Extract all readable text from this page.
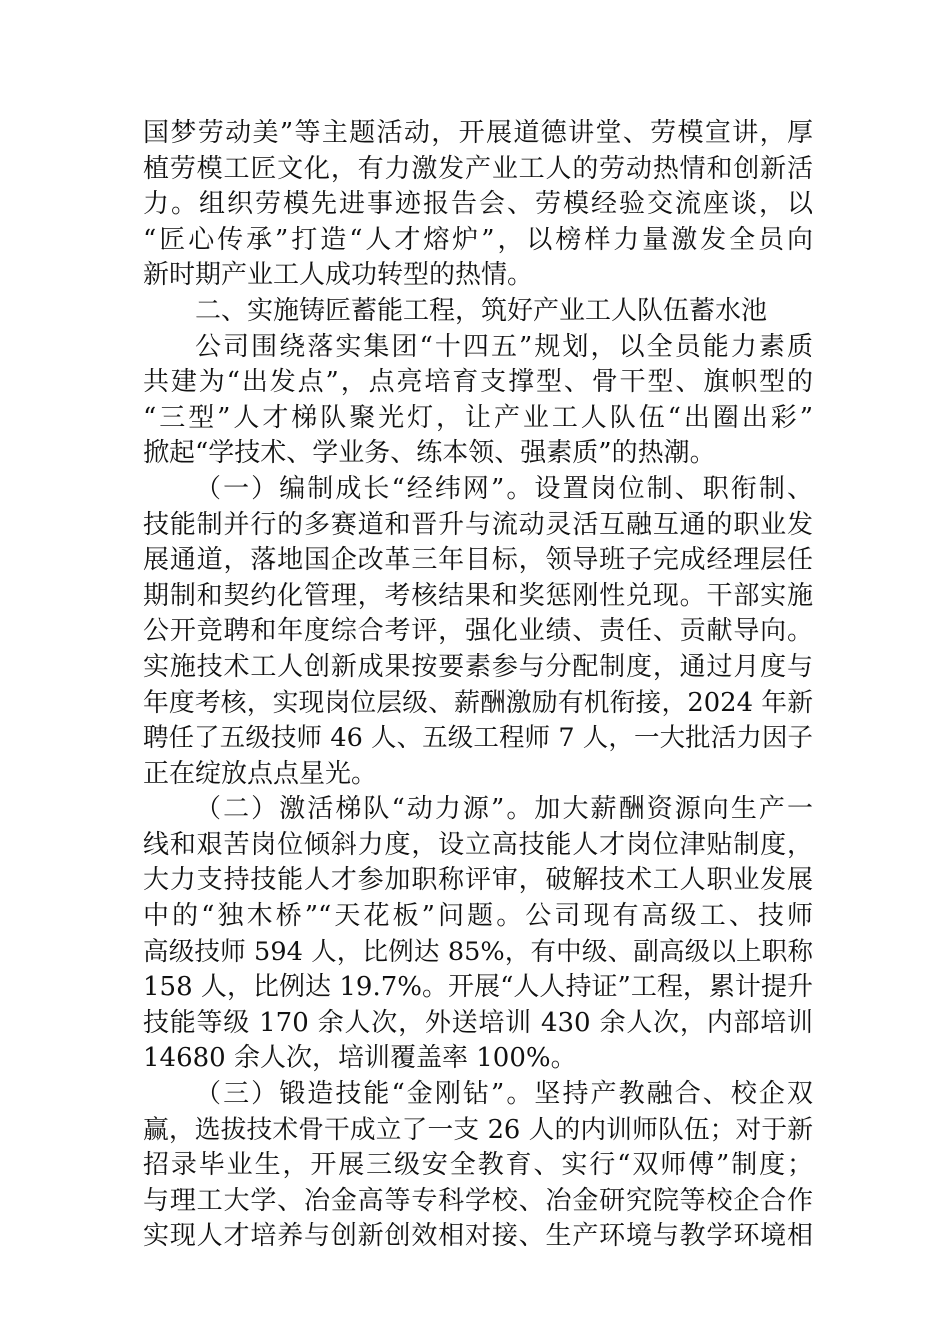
国梦劳动美”等主题活动，开展道德讲堂、劳模宣讲，厚
植劳模工匠文化，有力激发产业工人的劳动热情和创新活
力。组织劳模先进事迹报告会、劳模经验交流座谈，以
“匠心传承”打造“人才熔炉”，以榜样力量激发全员向
新时期产业工人成功转型的热情。
二、实施铸匠蓄能工程，筑好产业工人队伍蓄水池
公司围绕落实集团“十四五”规划，以全员能力素质
共建为“出发点”，点亮培育支撑型、骨干型、旗帜型的
“三型”人才梯队聚光灯，让产业工人队伍“出圈出彩”
掀起“学技术、学业务、练本领、强素质”的热潮。
（一）编制成长“经纬网”。设置岗位制、职衔制、
技能制并行的多赛道和晋升与流动灵活互融互通的职业发
展通道，落地国企改革三年目标，领导班子完成经理层任
期制和契约化管理，考核结果和奖惩刚性兑现。干部实施
公开竞聘和年度综合考评，强化业绩、责任、贡献导向。
实施技术工人创新成果按要素参与分配制度，通过月度与
年度考核，实现岗位层级、薪酬激励有机衔接，2024 年新
聘任了五级技师 46 人、五级工程师 7 人，一大批活力因子
正在绽放点点星光。
（二）激活梯队“动力源”。加大薪酬资源向生产一
线和艰苦岗位倾斜力度，设立高技能人才岗位津贴制度，
大力支持技能人才参加职称评审，破解技术工人职业发展
中的“独木桥”“天花板”问题。公司现有高级工、技师
高级技师 594 人，比例达 85%，有中级、副高级以上职称
158 人，比例达 19.7%。开展“人人持证”工程，累计提升
技能等级 170 余人次，外送培训 430 余人次，内部培训
14680 余人次，培训覆盖率 100%。
（三）锻造技能“金刚钻”。坚持产教融合、校企双
赢，选拔技术骨干成立了一支 26 人的内训师队伍；对于新
招录毕业生，开展三级安全教育、实行“双师傅”制度；
与理工大学、冶金高等专科学校、冶金研究院等校企合作
实现人才培养与创新创效相对接、生产环境与教学环境相
